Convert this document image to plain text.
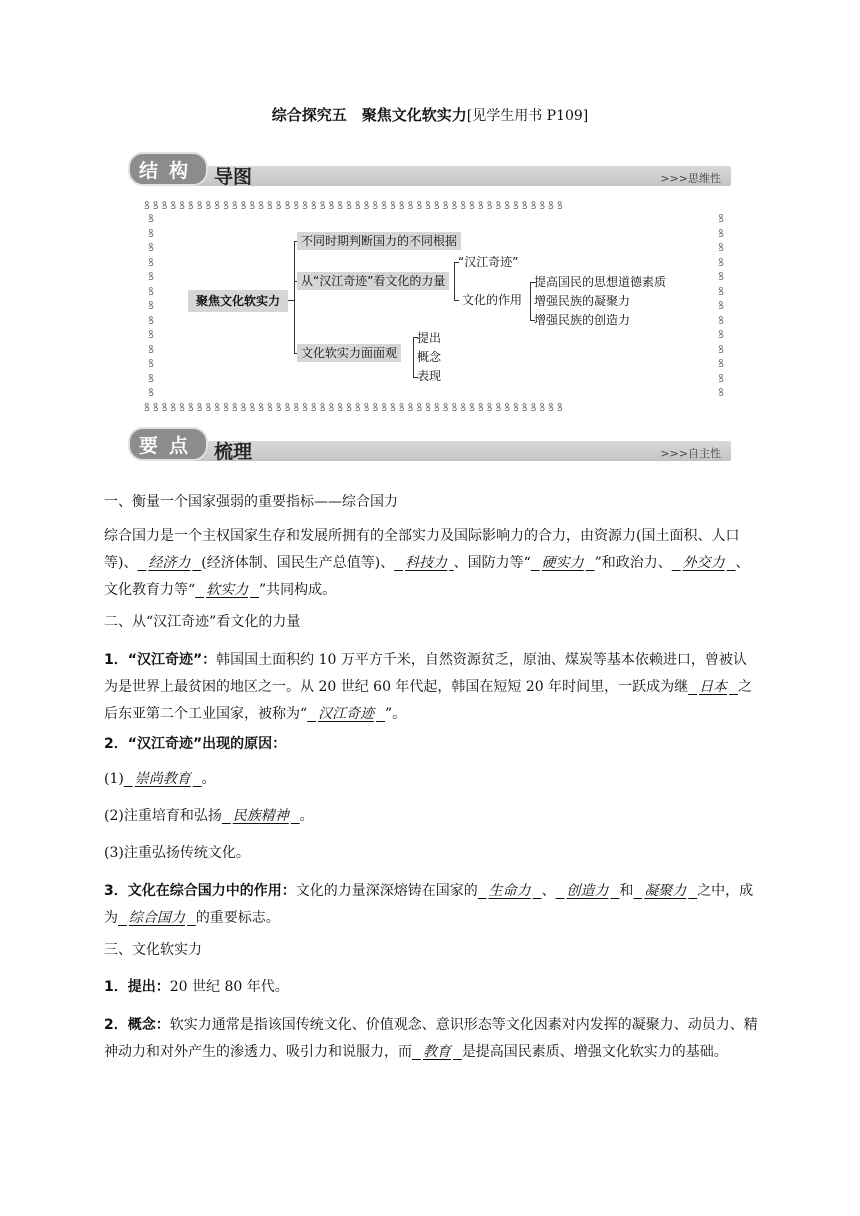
综合探究五　聚焦文化软实力[见学生用书 P109]
结 构 导图	>>>思维性
ꝸꝸꝸꝸꝸꝸꝸꝸꝸꝸꝸꝸꝸꝸꝸꝸꝸꝸꝸꝸꝸꝸꝸꝸꝸꝸꝸꝸꝸꝸꝸꝸꝸꝸꝸꝸꝸꝸꝸꝸꝸꝸꝸꝸꝸꝸꝸꝸ
ꝸꝸꝸꝸꝸꝸꝸꝸꝸꝸꝸꝸꝸꝸꝸꝸꝸꝸꝸꝸꝸꝸꝸꝸꝸꝸꝸꝸꝸꝸꝸꝸꝸꝸꝸꝸꝸꝸꝸꝸꝸꝸꝸꝸꝸꝸꝸꝸ
ꝸ
ꝸ
ꝸ
ꝸ
ꝸ
ꝸ
ꝸ
ꝸ
ꝸ
ꝸ
ꝸ
ꝸ
ꝸ
ꝸ
ꝸ
ꝸ
ꝸ
ꝸ
ꝸ
ꝸ
ꝸ
ꝸ
ꝸ
ꝸ
ꝸ
ꝸ
聚焦文化软实力
不同时期判断国力的不同根据
从“汉江奇迹”看文化的力量
文化软实力面面观
“汉江奇迹”
文化的作用
提高国民的思想道德素质
增强民族的凝聚力
增强民族的创造力
提出
概念
表现
要 点 梳理	>>>自主性
一、衡量一个国家强弱的重要指标——综合国力
综合国力是一个主权国家生存和发展所拥有的全部实力及国际影响力的合力，由资源力(国土面积、人口等)、 经济力 (经济体制、国民生产总值等)、 科技力 、国防力等“ 硬实力 ”和政治力、 外交力 、文化教育力等“ 软实力 ”共同构成。
二、从“汉江奇迹”看文化的力量
1．“汉江奇迹”：韩国国土面积约 10 万平方千米，自然资源贫乏，原油、煤炭等基本依赖进口，曾被认为是世界上最贫困的地区之一。从 20 世纪 60 年代起，韩国在短短 20 年时间里，一跃成为继 日本 之后东亚第二个工业国家，被称为“ 汉江奇迹 ”。
2．“汉江奇迹”出现的原因：
(1) 崇尚教育 。
(2)注重培育和弘扬 民族精神 。
(3)注重弘扬传统文化。
3．文化在综合国力中的作用：文化的力量深深熔铸在国家的 生命力 、 创造力 和 凝聚力 之中，成为 综合国力 的重要标志。
三、文化软实力
1．提出：20 世纪 80 年代。
2．概念：软实力通常是指该国传统文化、价值观念、意识形态等文化因素对内发挥的凝聚力、动员力、精神动力和对外产生的渗透力、吸引力和说服力，而 教育 是提高国民素质、增强文化软实力的基础。
